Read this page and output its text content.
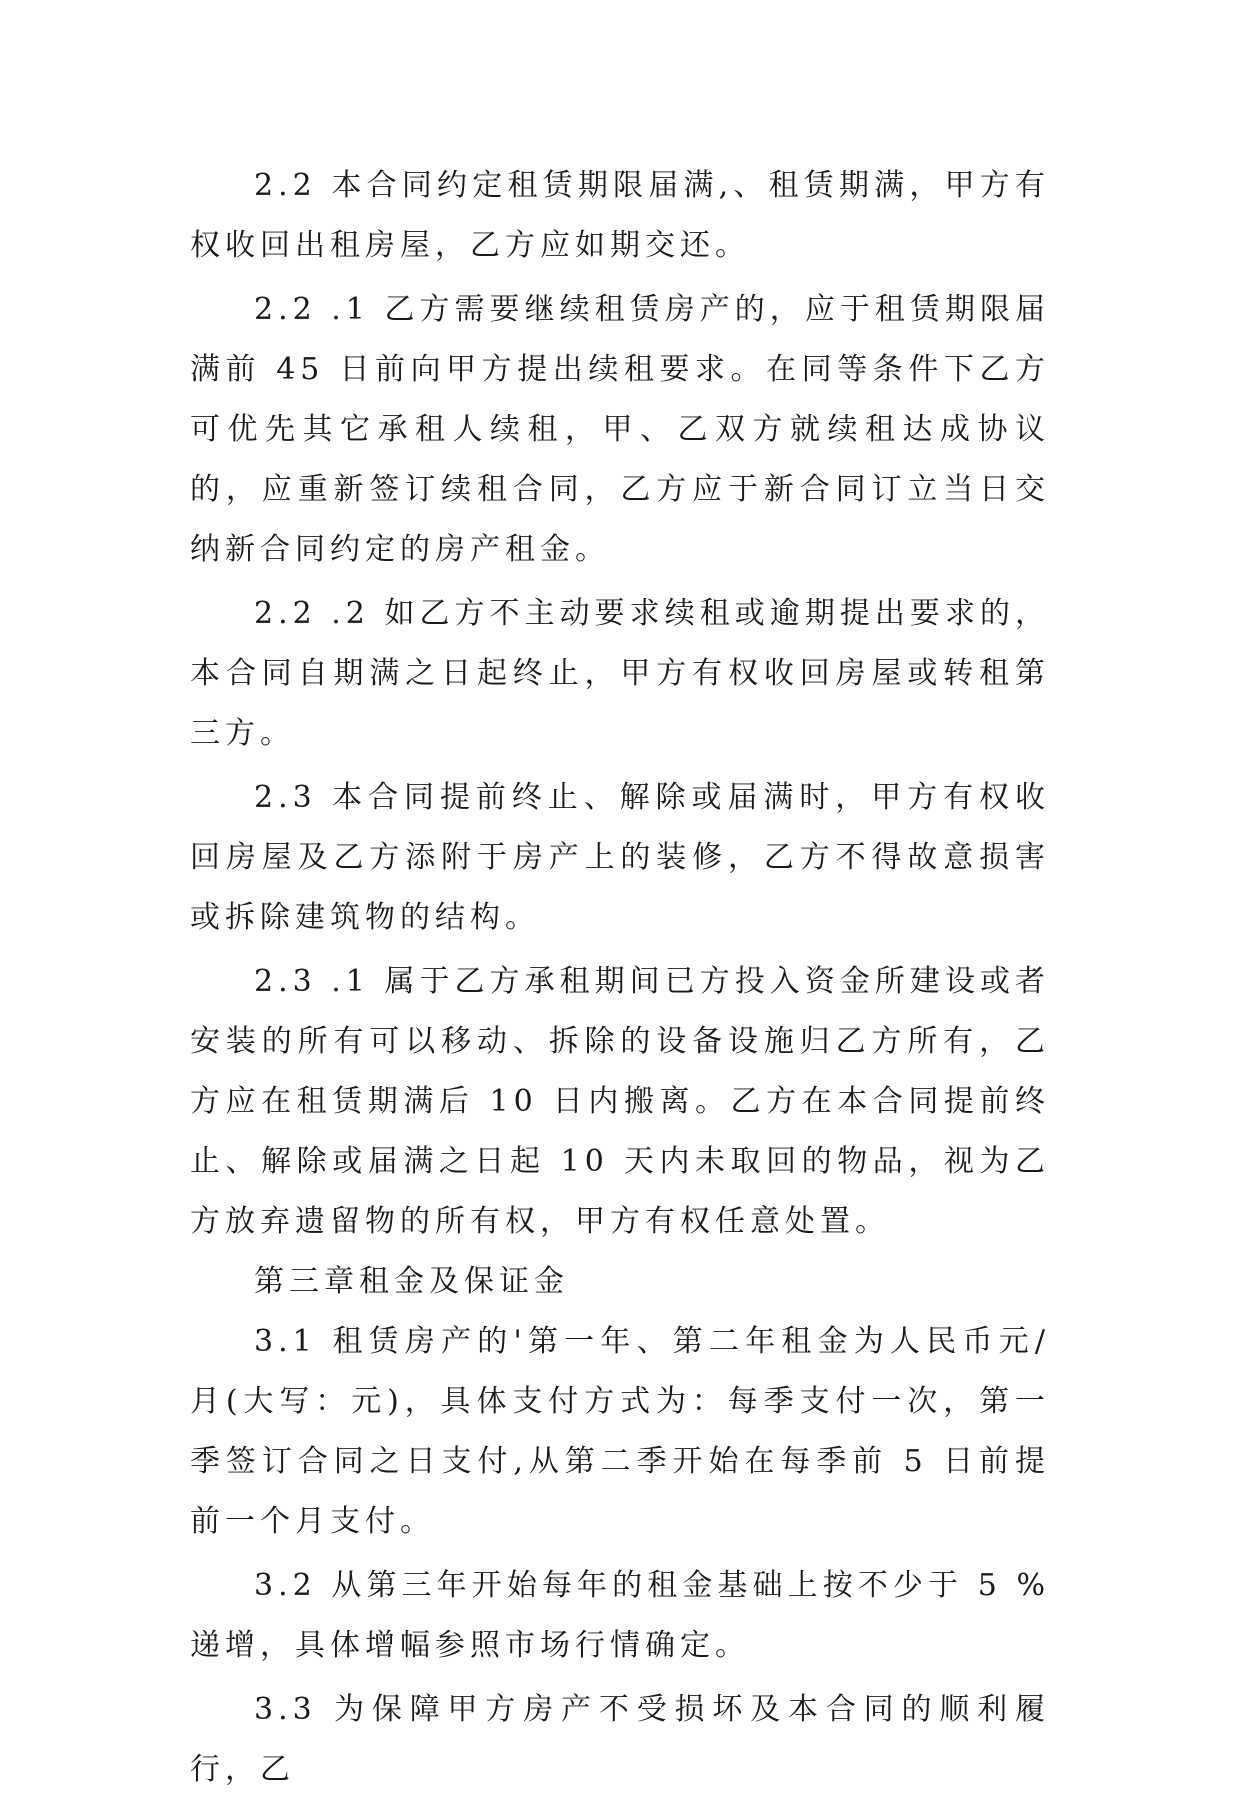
2.2 本合同约定租赁期限届满,、租赁期满，甲方有权收回出租房屋，乙方应如期交还。

2.2 .1 乙方需要继续租赁房产的，应于租赁期限届满前 45 日前向甲方提出续租要求。在同等条件下乙方可优先其它承租人续租，甲、乙双方就续租达成协议的，应重新签订续租合同，乙方应于新合同订立当日交纳新合同约定的房产租金。

2.2 .2 如乙方不主动要求续租或逾期提出要求的，本合同自期满之日起终止，甲方有权收回房屋或转租第三方。

2.3 本合同提前终止、解除或届满时，甲方有权收回房屋及乙方添附于房产上的装修，乙方不得故意损害或拆除建筑物的结构。

2.3 .1 属于乙方承租期间已方投入资金所建设或者安装的所有可以移动、拆除的设备设施归乙方所有，乙方应在租赁期满后 10 日内搬离。乙方在本合同提前终止、解除或届满之日起 10 天内未取回的物品，视为乙方放弃遗留物的所有权，甲方有权任意处置。

第三章租金及保证金

3.1 租赁房产的'第一年、第二年租金为人民币元/月(大写：元)，具体支付方式为：每季支付一次，第一季签订合同之日支付,从第二季开始在每季前 5 日前提前一个月支付。

3.2 从第三年开始每年的租金基础上按不少于 5 %递增，具体增幅参照市场行情确定。

3.3 为保障甲方房产不受损坏及本合同的顺利履行，乙
